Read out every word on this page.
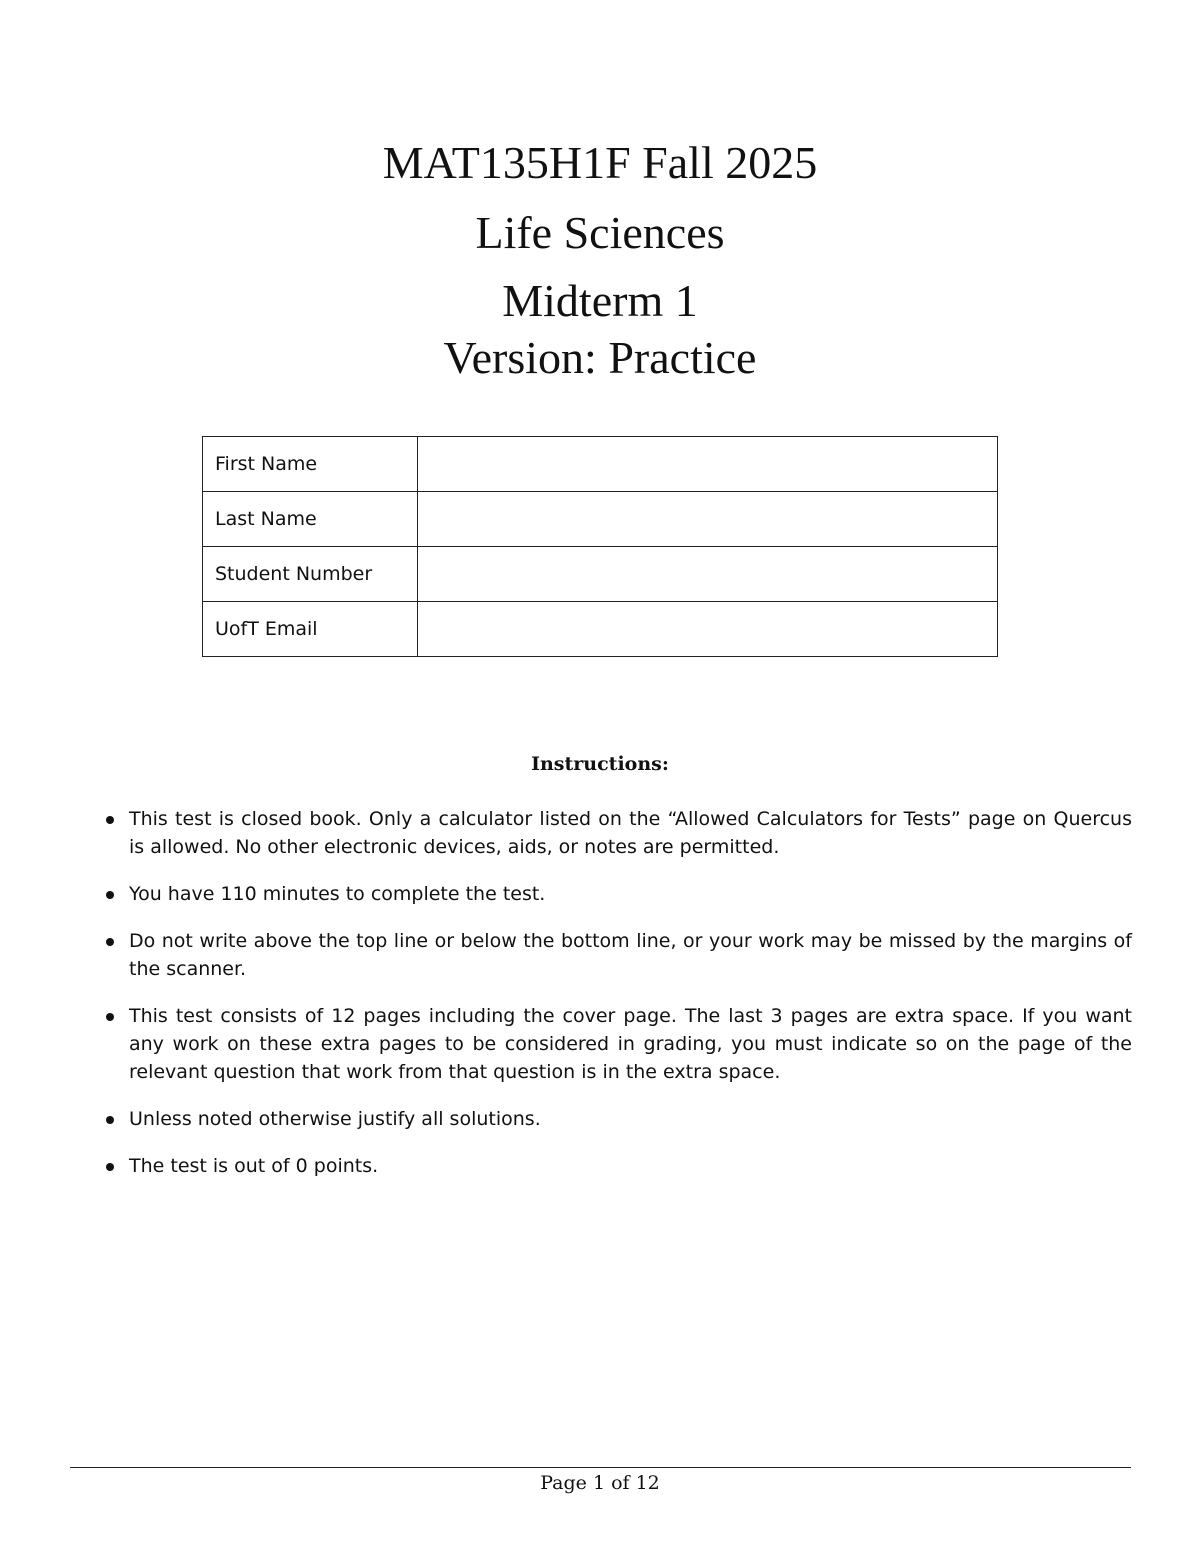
MAT135H1F Fall 2025
Life Sciences
Midterm 1
Version: Practice
First Name	
Last Name	
Student Number	
UofT Email	
Instructions:
This test is closed book. Only a calculator listed on the “Allowed Calculators for Tests” page on Quercus is allowed. No other electronic devices, aids, or notes are permitted.
You have 110 minutes to complete the test.
Do not write above the top line or below the bottom line, or your work may be missed by the margins of the scanner.
This test consists of 12 pages including the cover page. The last 3 pages are extra space. If you want any work on these extra pages to be considered in grading, you must indicate so on the page of the relevant question that work from that question is in the extra space.
Unless noted otherwise justify all solutions.
The test is out of 0 points.
Page 1 of 12
